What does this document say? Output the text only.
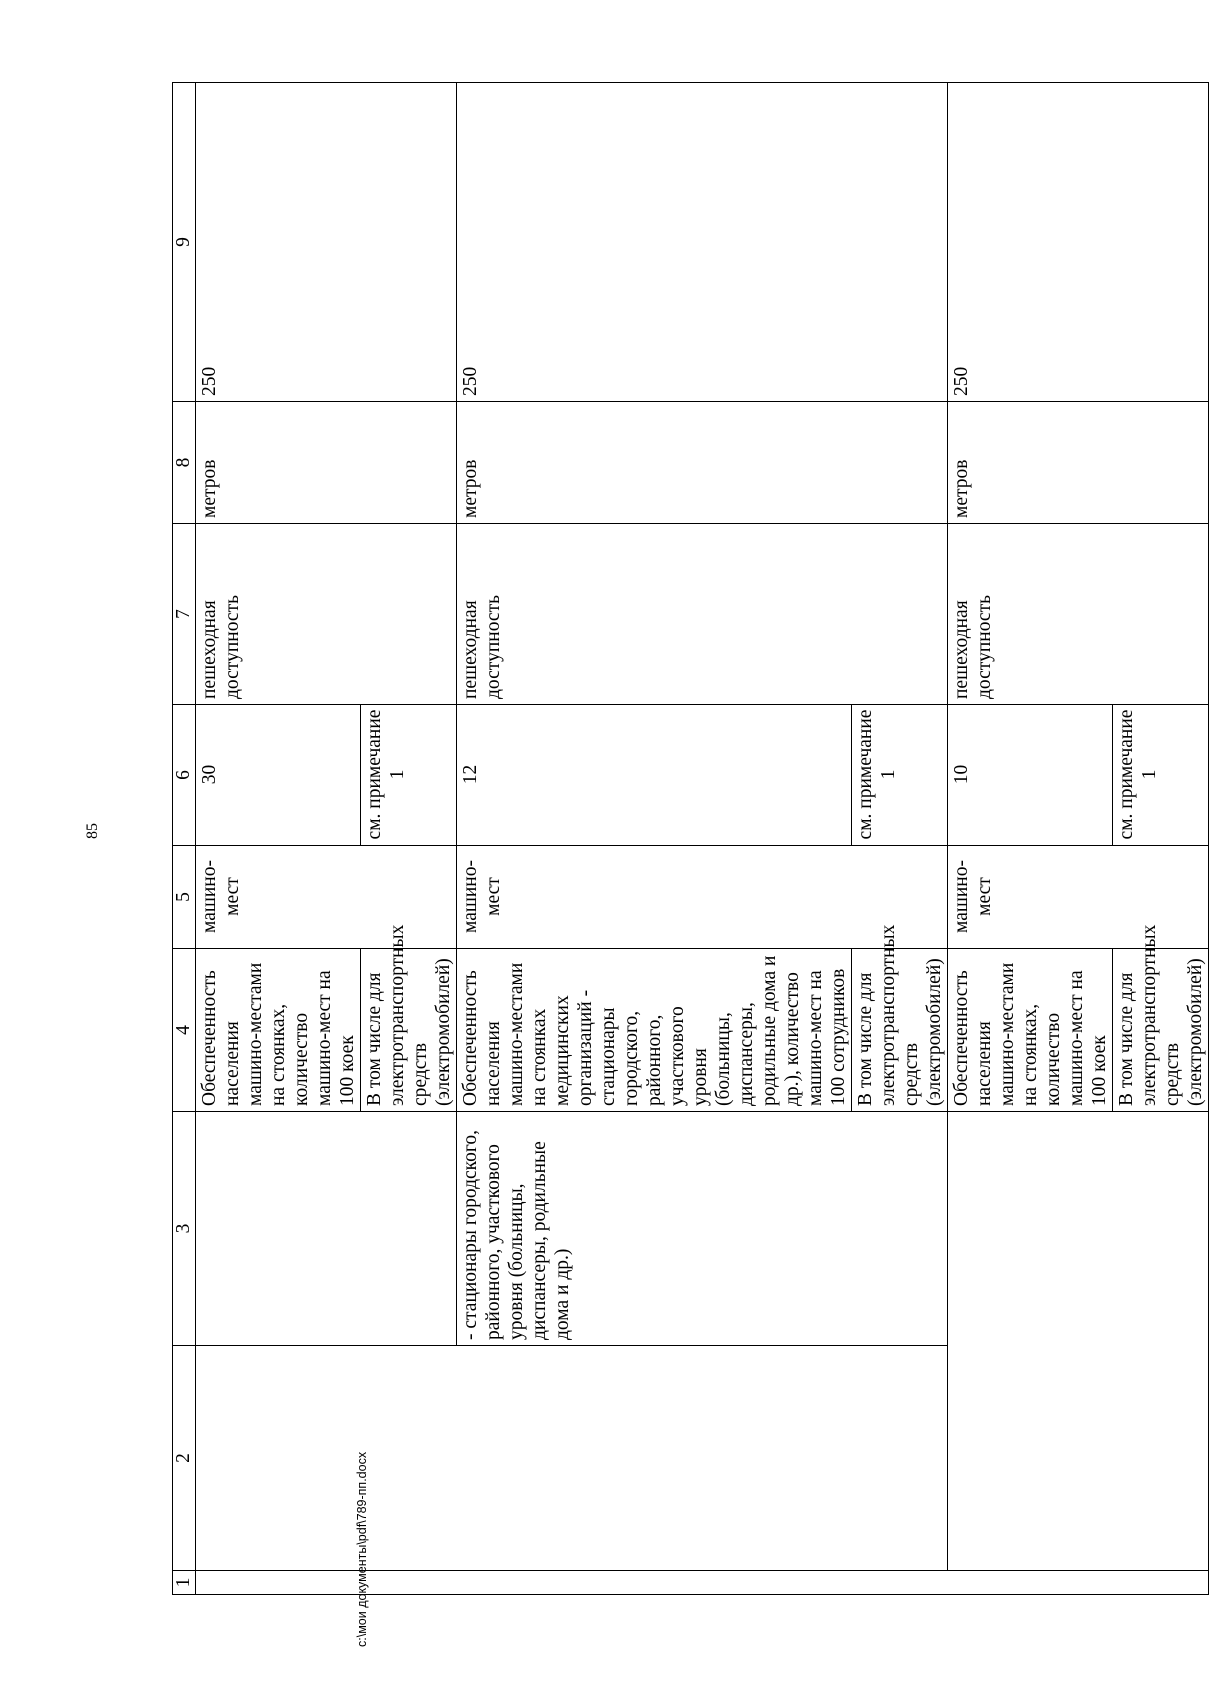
85
1	2	3	4	5	6	7	8	9
			Обеспеченность населения машино-местами на стоянках, количество машино-мест на 100 коек	машино-мест	30	пешеходная доступность	метров	250
			В том числе для электротранспортных средств (электромобилей)		см. примечание 1			
		- стационары городского, районного, участкового уровня (больницы, диспансеры, родильные дома и др.)	Обеспеченность населения машино-местами на стоянках медицинских организаций - стационары городского, районного, участкового уровня (больницы, диспансеры, родильные дома и др.), количество машино-мест на 100 сотрудников	машино-мест	12	пешеходная доступность	метров	250
			В том числе для электротранспортных средств (электромобилей)		см. примечание 1			
			Обеспеченность населения машино-местами на стоянках, количество машино-мест на 100 коек	машино-мест	10	пешеходная доступность	метров	250
			В том числе для электротранспортных средств (электромобилей)		см. примечание 1			
c:\мои документы\pdf\789-пп.docx
